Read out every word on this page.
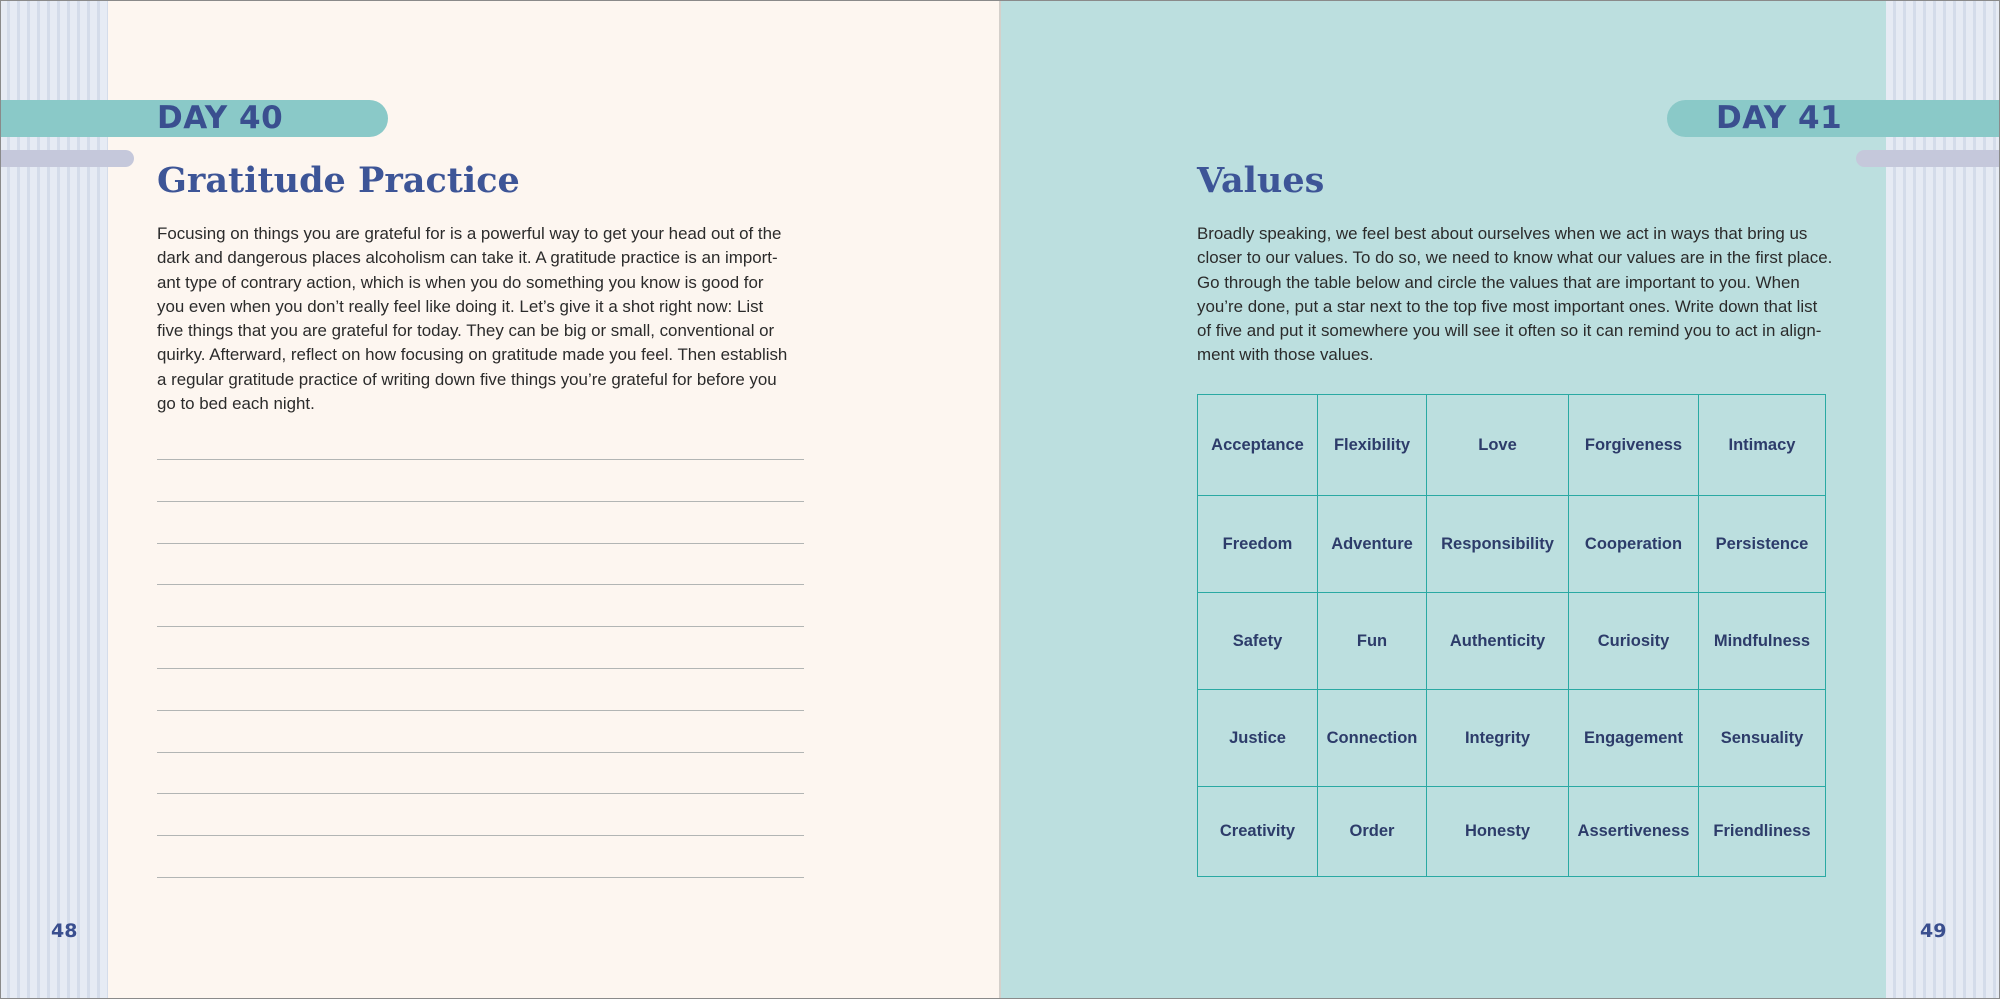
DAY 40
Gratitude Practice

Focusing on things you are grateful for is a powerful way to get your head out of the
dark and dangerous places alcoholism can take it. A gratitude practice is an import-
ant type of contrary action, which is when you do something you know is good for
you even when you don’t really feel like doing it. Let’s give it a shot right now: List
five things that you are grateful for today. They can be big or small, conventional or
quirky. Afterward, reflect on how focusing on gratitude made you feel. Then establish
a regular gratitude practice of writing down five things you’re grateful for before you
go to bed each night.

48
DAY 41
Values

Broadly speaking, we feel best about ourselves when we act in ways that bring us
closer to our values. To do so, we need to know what our values are in the first place.
Go through the table below and circle the values that are important to you. When
you’re done, put a star next to the top five most important ones. Write down that list
of five and put it somewhere you will see it often so it can remind you to act in align-
ment with those values.

Acceptance	Flexibility	Love	Forgiveness	Intimacy
Freedom	Adventure	Responsibility	Cooperation	Persistence
Safety	Fun	Authenticity	Curiosity	Mindfulness
Justice	Connection	Integrity	Engagement	Sensuality
Creativity	Order	Honesty	Assertiveness	Friendliness
49
